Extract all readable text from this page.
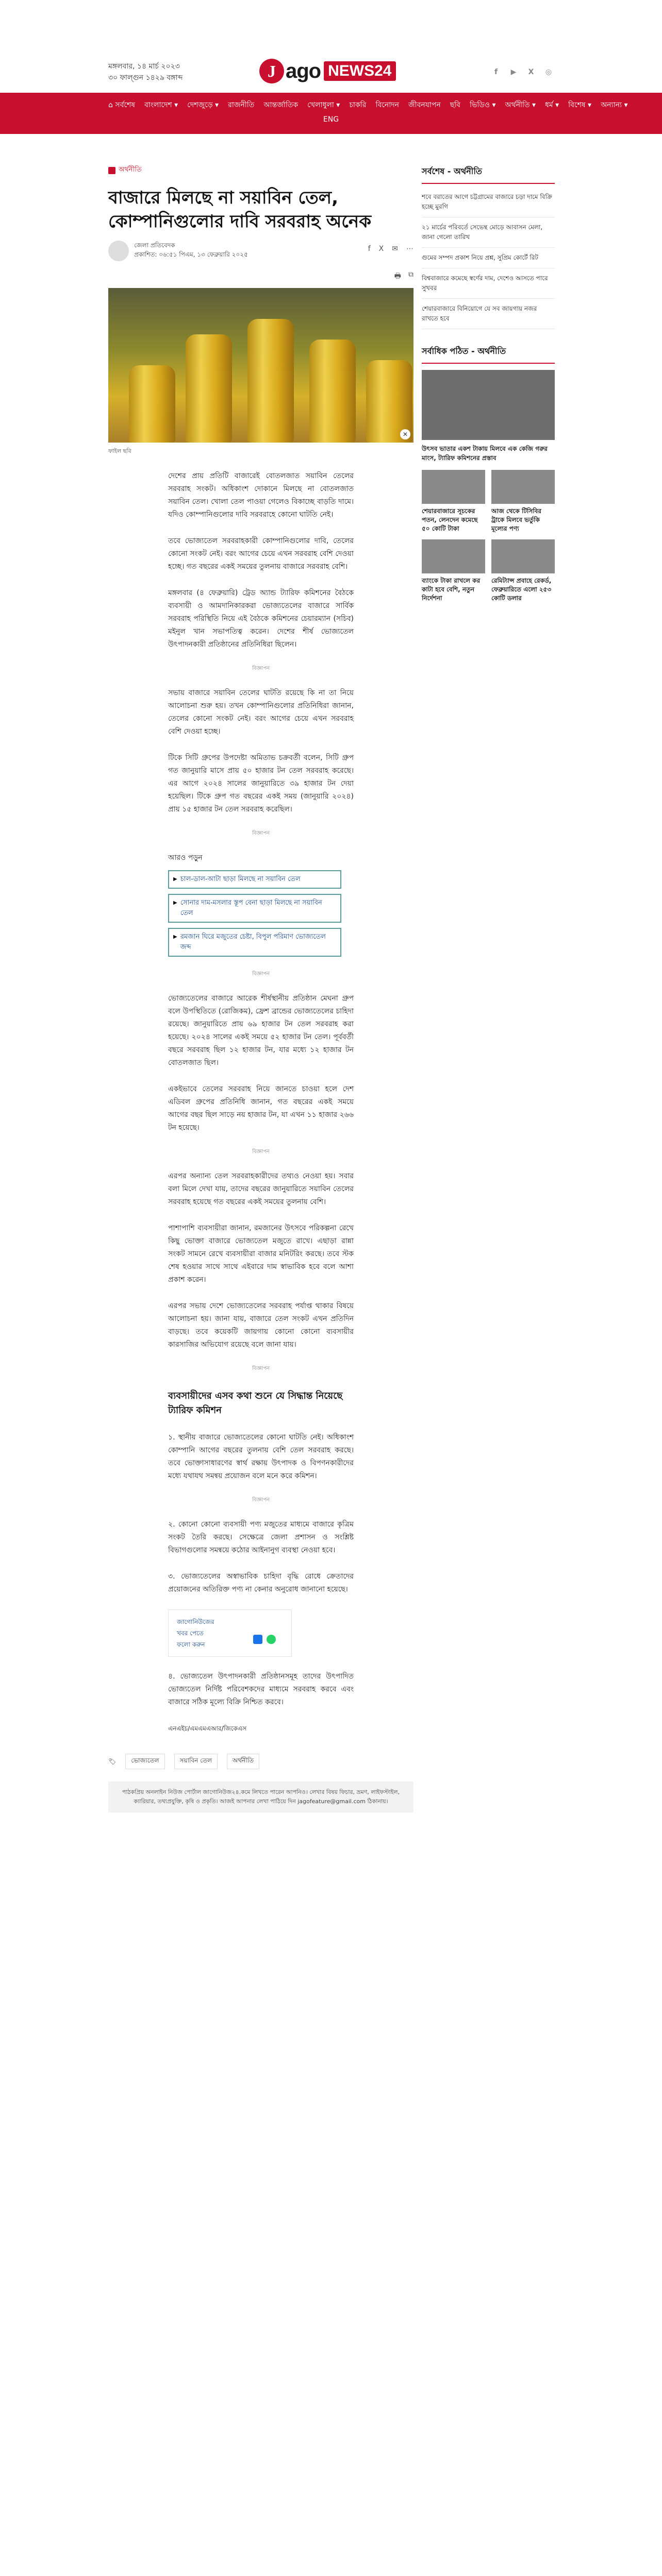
মঙ্গলবার, ১৪ মার্চ ২০২৩
৩০ ফাল্গুন ১৪২৯ বঙ্গাব্দ	J ago NEWS24	f	▶	X	◎
⌂ সর্বশেষ বাংলাদেশ ▾ দেশজুড়ে ▾ রাজনীতি আন্তর্জাতিক খেলাধুলা ▾ চাকরি বিনোদন জীবনযাপন ছবি ভিডিও ▾ অর্থনীতি ▾ ধর্ম ▾ বিশেষ ▾ অন্যান্য ▾
ENG
অর্থনীতি
বাজারে মিলছে না সয়াবিন তেল, কোম্পানিগুলোর দাবি সরবরাহ অনেক
জেলা প্রতিবেদক
প্রকাশিত: ০৬:৫১ পিএম, ১৩ ফেব্রুয়ারি ২০২৫
f X ✉ ⋯
🖶 ⧉
✕
ফাইল ছবি

দেশের প্রায় প্রতিটি বাজারেই বোতলজাত সয়াবিন তেলের সরবরাহ সংকট। অধিকাংশ দোকানে মিলছে না বোতলজাত সয়াবিন তেল। খোলা তেল পাওয়া গেলেও বিকাচ্ছে বাড়তি দামে। যদিও কোম্পানিগুলোর দাবি সরবরাহে কোনো ঘাটতি নেই।

তবে ভোজ্যতেল সরবরাহকারী কোম্পানিগুলোর দাবি, তেলের কোনো সংকট নেই। বরং আগের চেয়ে এখন সরবরাহ বেশি দেওয়া হচ্ছে। গত বছরের একই সময়ের তুলনায় বাজারে সরবরাহ বেশি।

মঙ্গলবার (৪ ফেব্রুয়ারি) ট্রেড অ্যান্ড ট্যারিফ কমিশনের বৈঠকে ব্যবসায়ী ও আমদানিকারকরা ভোজ্যতেলের বাজারে সার্বিক সরবরাহ পরিস্থিতি নিয়ে এই বৈঠকে কমিশনের চেয়ারম্যান (সচিব) মইনুল খান সভাপতিত্ব করেন। দেশের শীর্ষ ভোজ্যতেল উৎপাদনকারী প্রতিষ্ঠানের প্রতিনিধিরা ছিলেন।

বিজ্ঞাপন

সভায় বাজারে সয়াবিন তেলের ঘাটতি রয়েছে কি না তা নিয়ে আলোচনা শুরু হয়। তখন কোম্পানিগুলোর প্রতিনিধিরা জানান, তেলের কোনো সংকট নেই। বরং আগের চেয়ে এখন সরবরাহ বেশি দেওয়া হচ্ছে।

টিকে সিটি গ্রুপের উপদেষ্টা অমিতাভ চক্রবর্তী বলেন, সিটি গ্রুপ গত জানুয়ারি মাসে প্রায় ৫০ হাজার টন তেল সরবরাহ করেছে। এর আগে ২০২৪ সালের জানুয়ারিতে ৩৯ হাজার টন দেয়া হয়েছিল। টিকে গ্রুপ গত বছরের একই সময় (জানুয়ারি ২০২৪) প্রায় ১৫ হাজার টন তেল সরবরাহ করেছিল।

বিজ্ঞাপন
আরও পড়ুন
▶ চাল-ডাল-আটা ছাড়া মিলছে না সয়াবিন তেল
▶ সোনার দাম-মসলার স্তূপ বেনা ছাড়া মিলছে না সয়াবিন তেল
▶ রমজান ঘিরে মজুতের চেষ্টা, বিপুল পরিমাণ ভোজ্যতেল জব্দ
বিজ্ঞাপন

ভোজ্যতেলের বাজারে আরেক শীর্ষস্থানীয় প্রতিষ্ঠান মেঘনা গ্রুপ বলে উপস্থিতিতে (রোজিকম), ফ্রেশ ব্রান্ডের ভোজ্যতেলের চাহিদা রয়েছে। জানুয়ারিতে প্রায় ৬৯ হাজার টন তেল সরবরাহ করা হয়েছে। ২০২৪ সালের একই সময়ে ৫২ হাজার টন তেল। পূর্ববর্তী বছরে সরবরাহ ছিল ১২ হাজার টন, যার মধ্যে ১২ হাজার টন বোতলজাত ছিল।

একইভাবে তেলের সরবরাহ নিয়ে জানতে চাওয়া হলে দেশ এডিবল গ্রুপের প্রতিনিধি জানান, গত বছরের একই সময়ে আগের বছর ছিল সাড়ে নয় হাজার টন, যা এখন ১১ হাজার ২৬৬ টন হয়েছে।

বিজ্ঞাপন

এরপর অন্যান্য তেল সরবরাহকারীদের তথ্যও নেওয়া হয়। সবার বলা মিলে দেখা যায়, তাদের বছরের জানুয়ারিতে সয়াবিন তেলের সরবরাহ হয়েছে গত বছরের একই সময়ের তুলনায় বেশি।

পাশাপাশি ব্যবসায়ীরা জানান, রমজানের উৎসবে পরিকল্পনা রেখে কিছু ভোক্তা বাজারে ভোজ্যতেল মজুতে রাখে। এছাড়া রান্না সংকট সামনে রেখে ব্যবসায়ীরা বাজার মনিটরিং করছে। তবে স্টক শেষ হওয়ার সাথে সাথে এইবারে দাম স্বাভাবিক হবে বলে আশা প্রকাশ করেন।

এরপর সভায় দেশে ভোজ্যতেলের সরবরাহ পর্যাপ্ত থাকার বিষয়ে আলোচনা হয়। জানা যায়, বাজারে তেল সংকট এখন প্রতিদিন বাড়ছে। তবে কয়েকটি জায়গায় কোনো কোনো ব্যবসায়ীর কারসাজির অভিযোগ রয়েছে বলে জানা যায়।

বিজ্ঞাপন
ব্যবসায়ীদের এসব কথা শুনে যে সিদ্ধান্ত নিয়েছে ট্যারিফ কমিশন

১. স্থানীয় বাজারে ভোজ্যতেলের কোনো ঘাটতি নেই। অধিকাংশ কোম্পানি আগের বছরের তুলনায় বেশি তেল সরবরাহ করছে। তবে ভোক্তাসাধারণের স্বার্থ রক্ষায় উৎপাদক ও বিপণনকারীদের মধ্যে যথাযথ সমন্বয় প্রয়োজন বলে মনে করে কমিশন।

বিজ্ঞাপন

২. কোনো কোনো ব্যবসায়ী পণ্য মজুতের মাধ্যমে বাজারে কৃত্রিম সংকট তৈরি করছে। সেক্ষেত্রে জেলা প্রশাসন ও সংশ্লিষ্ট বিভাগগুলোর সমন্বয়ে কঠোর আইনানুগ ব্যবস্থা নেওয়া হবে।

৩. ভোজ্যতেলের অস্বাভাবিক চাহিদা বৃদ্ধি রোধে ক্রেতাদের প্রয়োজনের অতিরিক্ত পণ্য না কেনার অনুরোধ জানানো হয়েছে।

জাগোনিউজের
খবর পেতে
ফলো করুন

৪. ভোজ্যতেল উৎপাদনকারী প্রতিষ্ঠানসমূহ তাদের উৎপাদিত ভোজ্যতেল নির্দিষ্ট পরিবেশকদের মাধ্যমে সরবরাহ করবে এবং বাজারে সঠিক মূল্যে বিক্রি নিশ্চিত করবে।

এনএইচ/এমএমএআর/জিকেএস

🏷	ভোজ্যতেল	সয়াবিন তেল	অর্থনীতি
পাঠকপ্রিয় অনলাইন নিউজ পোর্টাল জাগোনিউজ২৪.কমে লিখতে পারেন আপনিও। লেখার বিষয় ফিচার, ভ্রমণ, লাইফস্টাইল, ক্যারিয়ার, তথ্যপ্রযুক্তি, কৃষি ও প্রকৃতি। আজই আপনার লেখা পাঠিয়ে দিন jagofeature@gmail.com ঠিকানায়।
সর্বশেষ - অর্থনীতি
শবে বরাতের আগে চট্টগ্রামের বাজারে চড়া দামে বিক্রি হচ্ছে মুরগি
২১ মার্চের পরিবর্তে সেভেন্থ মোড়ে আবাসন মেলা, জানা গেলো তারিখ
গুমের সম্পদ প্রকাশ নিয়ে প্রশ্ন, সুপ্রিম কোর্টে রিট
বিশ্ববাজারে কমেছে স্বর্ণের দাম, দেশেও আসতে পারে সুখবর
শেয়ারবাজারে বিনিয়োগে যে সব জায়গায় নজর রাখতে হবে
সর্বাধিক পঠিত - অর্থনীতি
উৎসব ভাতার একশ টাকায় মিলবে এক কেজি গরুর মাংস, ট্যারিফ কমিশনের প্রস্তাব
শেয়ারবাজারে সূচকের পতন, লেনদেন কমেছে ৫০ কোটি টাকা
আজ থেকে টিসিবির ট্রাকে মিলবে ভর্তুকি মূল্যের পণ্য
ব্যাংকে টাকা রাখলে কর কাটা হবে বেশি, নতুন নির্দেশনা
রেমিট্যান্স প্রবাহে রেকর্ড, ফেব্রুয়ারিতে এলো ২৫৩ কোটি ডলার
